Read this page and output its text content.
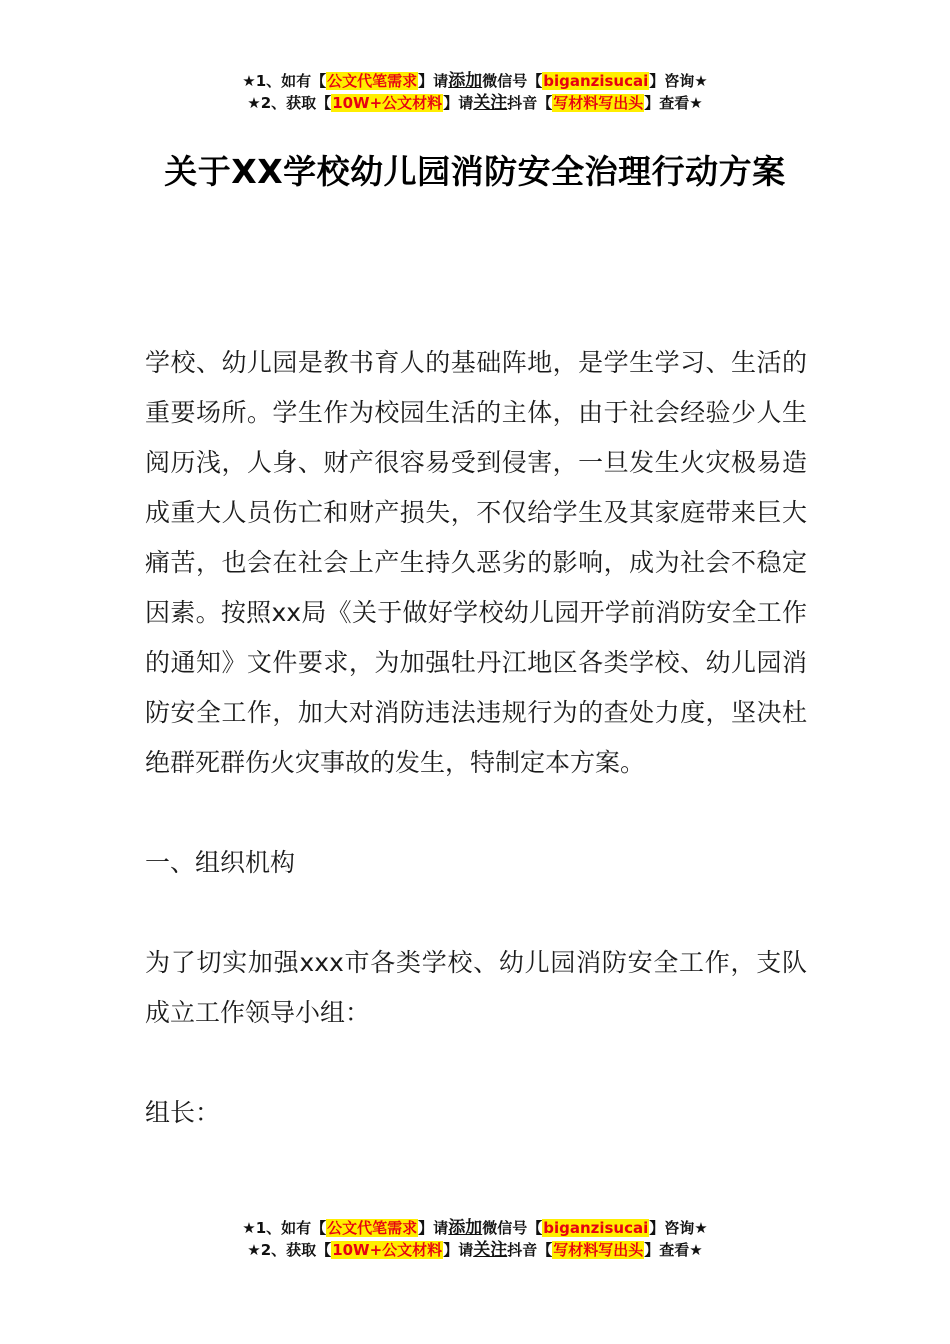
★1、如有【公文代笔需求】请添加微信号【biganzisucai】咨询★
★2、获取【10W+公文材料】请关注抖音【写材料写出头】查看★
关于XX学校幼儿园消防安全治理行动方案

学校、幼儿园是教书育人的基础阵地，是学生学习、生活的重要场所。学生作为校园生活的主体，由于社会经验少人生阅历浅，人身、财产很容易受到侵害，一旦发生火灾极易造成重大人员伤亡和财产损失，不仅给学生及其家庭带来巨大痛苦，也会在社会上产生持久恶劣的影响，成为社会不稳定因素。按照xx局《关于做好学校幼儿园开学前消防安全工作的通知》文件要求，为加强牡丹江地区各类学校、幼儿园消防安全工作，加大对消防违法违规行为的查处力度，坚决杜绝群死群伤火灾事故的发生，特制定本方案。

一、组织机构

为了切实加强xxx市各类学校、幼儿园消防安全工作，支队成立工作领导小组：

组长：

★1、如有【公文代笔需求】请添加微信号【biganzisucai】咨询★
★2、获取【10W+公文材料】请关注抖音【写材料写出头】查看★
